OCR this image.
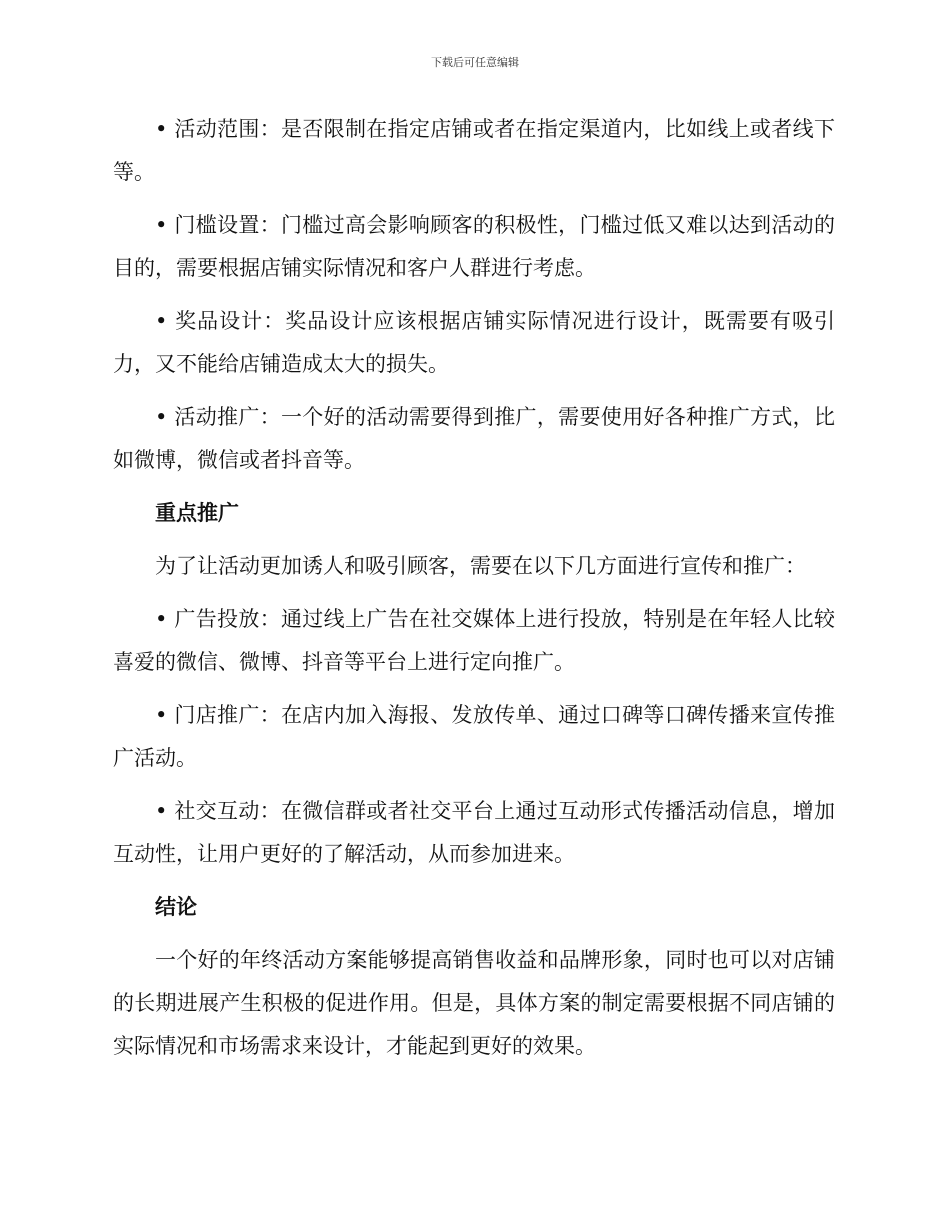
下载后可任意编辑

• 活动范围：是否限制在指定店铺或者在指定渠道内，比如线上或者线下等。

• 门槛设置：门槛过高会影响顾客的积极性，门槛过低又难以达到活动的目的，需要根据店铺实际情况和客户人群进行考虑。

• 奖品设计：奖品设计应该根据店铺实际情况进行设计，既需要有吸引力，又不能给店铺造成太大的损失。

• 活动推广：一个好的活动需要得到推广，需要使用好各种推广方式，比如微博，微信或者抖音等。

重点推广

为了让活动更加诱人和吸引顾客，需要在以下几方面进行宣传和推广：

• 广告投放：通过线上广告在社交媒体上进行投放，特别是在年轻人比较喜爱的微信、微博、抖音等平台上进行定向推广。

• 门店推广：在店内加入海报、发放传单、通过口碑等口碑传播来宣传推广活动。

• 社交互动：在微信群或者社交平台上通过互动形式传播活动信息，增加互动性，让用户更好的了解活动，从而参加进来。

结论

一个好的年终活动方案能够提高销售收益和品牌形象，同时也可以对店铺的长期进展产生积极的促进作用。但是，具体方案的制定需要根据不同店铺的实际情况和市场需求来设计，才能起到更好的效果。
